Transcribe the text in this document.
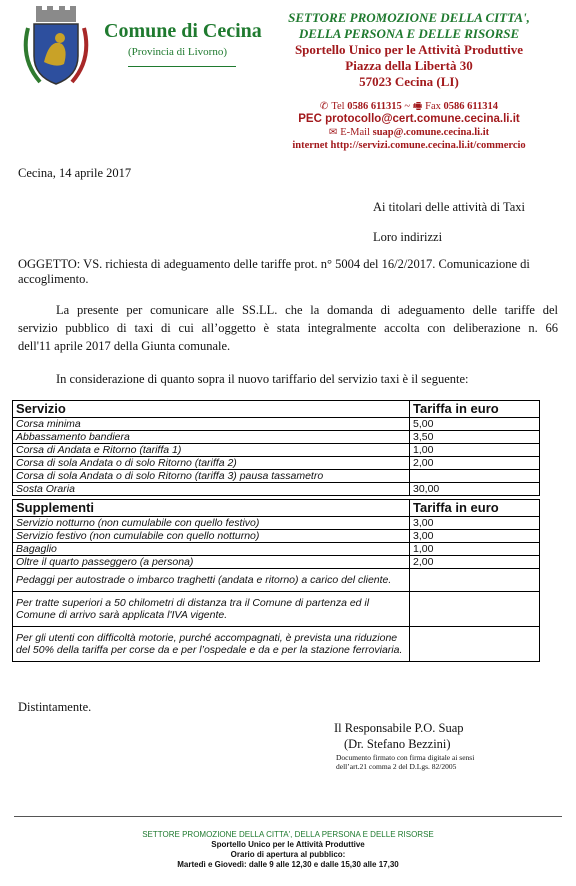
Comune di Cecina
(Provincia di Livorno)
SETTORE PROMOZIONE DELLA CITTA',
DELLA PERSONA E DELLE RISORSE
Sportello Unico per le Attività Produttive
Piazza della Libertà 30
57023 Cecina (LI)
✆ Tel 0586 611315 ~ 🖷 Fax 0586 611314
PEC protocollo@cert.comune.cecina.li.it
✉ E-Mail suap@.comune.cecina.li.it
internet http://servizi.comune.cecina.li.it/commercio
Cecina, 14 aprile 2017
Ai titolari delle attività di Taxi
Loro indirizzi
OGGETTO: VS. richiesta di adeguamento delle tariffe prot. n° 5004 del 16/2/2017. Comunicazione di accoglimento.
La presente per comunicare alle SS.LL. che la domanda di adeguamento delle tariffe del
servizio pubblico di taxi di cui all’oggetto è stata integralmente accolta con deliberazione n. 66
dell'11 aprile 2017 della Giunta comunale.
In considerazione di quanto sopra il nuovo tariffario del servizio taxi è il seguente:
Servizio	Tariffa in euro
Corsa minima	5,00
Abbassamento bandiera	3,50
Corsa di Andata e Ritorno (tariffa 1)	1,00
Corsa di sola Andata o di solo Ritorno (tariffa 2)	2,00
Corsa di sola Andata o di solo Ritorno (tariffa 3) pausa tassametro	
Sosta Oraria	30,00

Supplementi	Tariffa in euro
Servizio notturno (non cumulabile con quello festivo)	3,00
Servizio festivo (non cumulabile con quello notturno)	3,00
Bagaglio	1,00
Oltre il quarto passeggero (a persona)	2,00
Pedaggi per autostrade o imbarco traghetti (andata e ritorno) a carico del cliente.	
Per tratte superiori a 50 chilometri di distanza tra il Comune di partenza ed il Comune di arrivo sarà applicata l'IVA vigente.	
Per gli utenti con difficoltà motorie, purché accompagnati, è prevista una riduzione del 50% della tariffa per corse da e per l’ospedale e da e per la stazione ferroviaria.	
Distintamente.
Il Responsabile P.O. Suap
(Dr. Stefano Bezzini)
Documento firmato con firma digitale ai sensi dell’art.21 comma 2 del D.Lgs. 82/2005
SETTORE PROMOZIONE DELLA CITTA', DELLA PERSONA E DELLE RISORSE
Sportello Unico per le Attività Produttive
Orario di apertura al pubblico:
Martedì e Giovedì: dalle 9 alle 12,30 e dalle 15,30 alle 17,30
